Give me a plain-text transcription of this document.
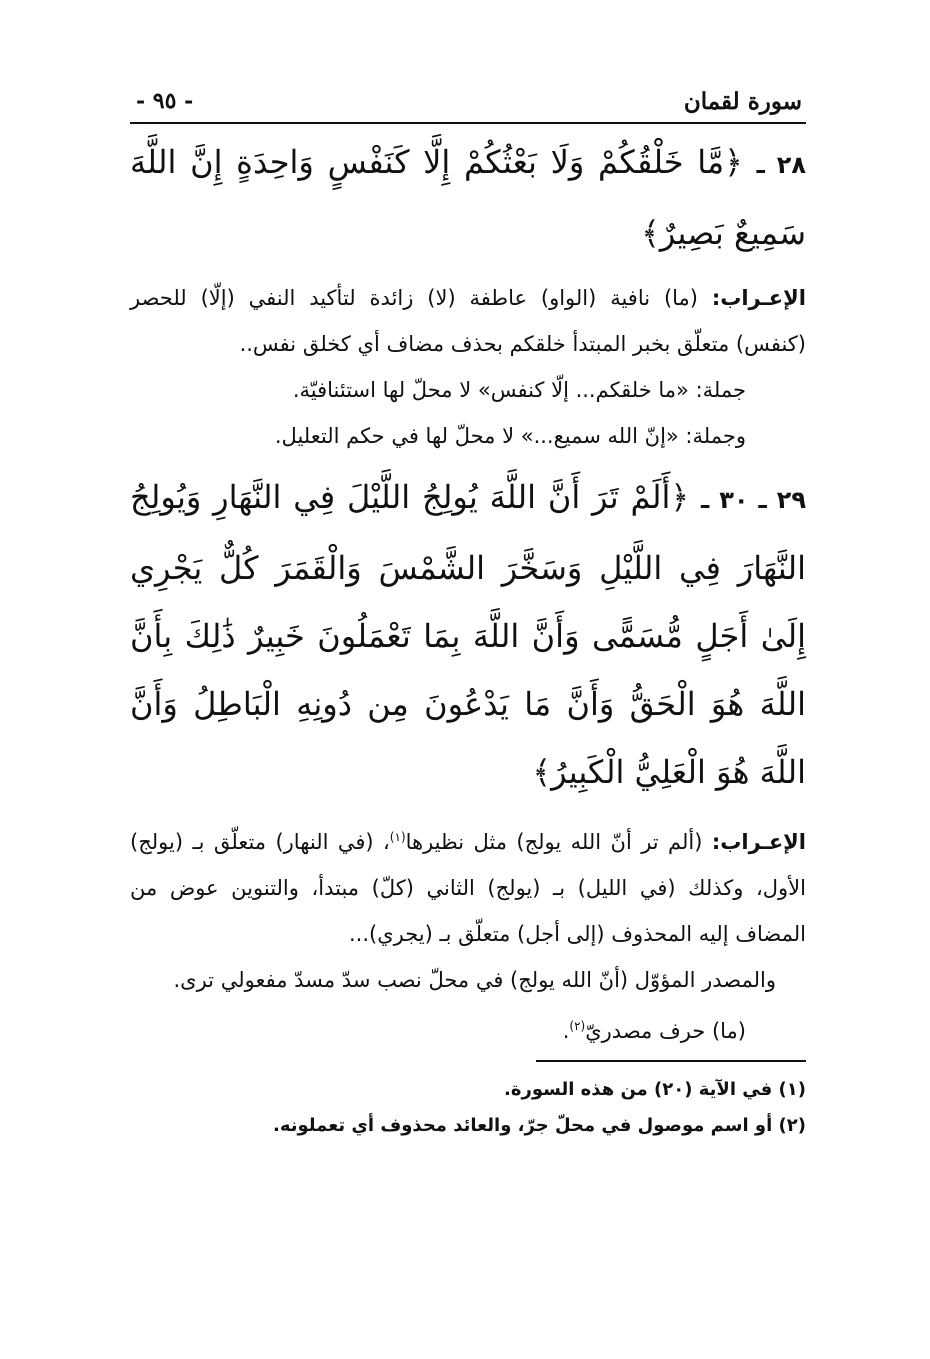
سورة لقمان
- ٩٥ -

٢٨ ـ ﴿مَّا خَلْقُكُمْ وَلَا بَعْثُكُمْ إِلَّا كَنَفْسٍ وَاحِدَةٍ إِنَّ اللَّهَ سَمِيعٌ بَصِيرٌ﴾

الإعـراب: (ما) نافية (الواو) عاطفة (لا) زائدة لتأكيد النفي (إلّا) للحصر (كنفس) متعلّق بخبر المبتدأ خلقكم بحذف مضاف أي كخلق نفس..

جملة: «ما خلقكم... إلّا كنفس» لا محلّ لها استئنافيّة.

وجملة: «إنّ الله سميع...» لا محلّ لها في حكم التعليل.

٢٩ ـ ٣٠ ـ ﴿أَلَمْ تَرَ أَنَّ اللَّهَ يُولِجُ اللَّيْلَ فِي النَّهَارِ وَيُولِجُ النَّهَارَ فِي اللَّيْلِ وَسَخَّرَ الشَّمْسَ وَالْقَمَرَ كُلٌّ يَجْرِي إِلَىٰ أَجَلٍ مُّسَمًّى وَأَنَّ اللَّهَ بِمَا تَعْمَلُونَ خَبِيرٌ ذَٰلِكَ بِأَنَّ اللَّهَ هُوَ الْحَقُّ وَأَنَّ مَا يَدْعُونَ مِن دُونِهِ الْبَاطِلُ وَأَنَّ اللَّهَ هُوَ الْعَلِيُّ الْكَبِيرُ﴾

الإعـراب: (ألم تر أنّ الله يولج) مثل نظيرها$^{(١)}$، (في النهار) متعلّق بـ (يولج) الأول، وكذلك (في الليل) بـ (يولج) الثاني (كلّ) مبتدأ، والتنوين عوض من المضاف إليه المحذوف (إلى أجل) متعلّق بـ (يجري)...

والمصدر المؤوّل (أنّ الله يولج) في محلّ نصب سدّ مسدّ مفعولي ترى.

(ما) حرف مصدريّ$^{(٢)}$.

(١) في الآية (٢٠) من هذه السورة.

(٢) أو اسم موصول في محلّ جرّ، والعائد محذوف أي تعملونه.
